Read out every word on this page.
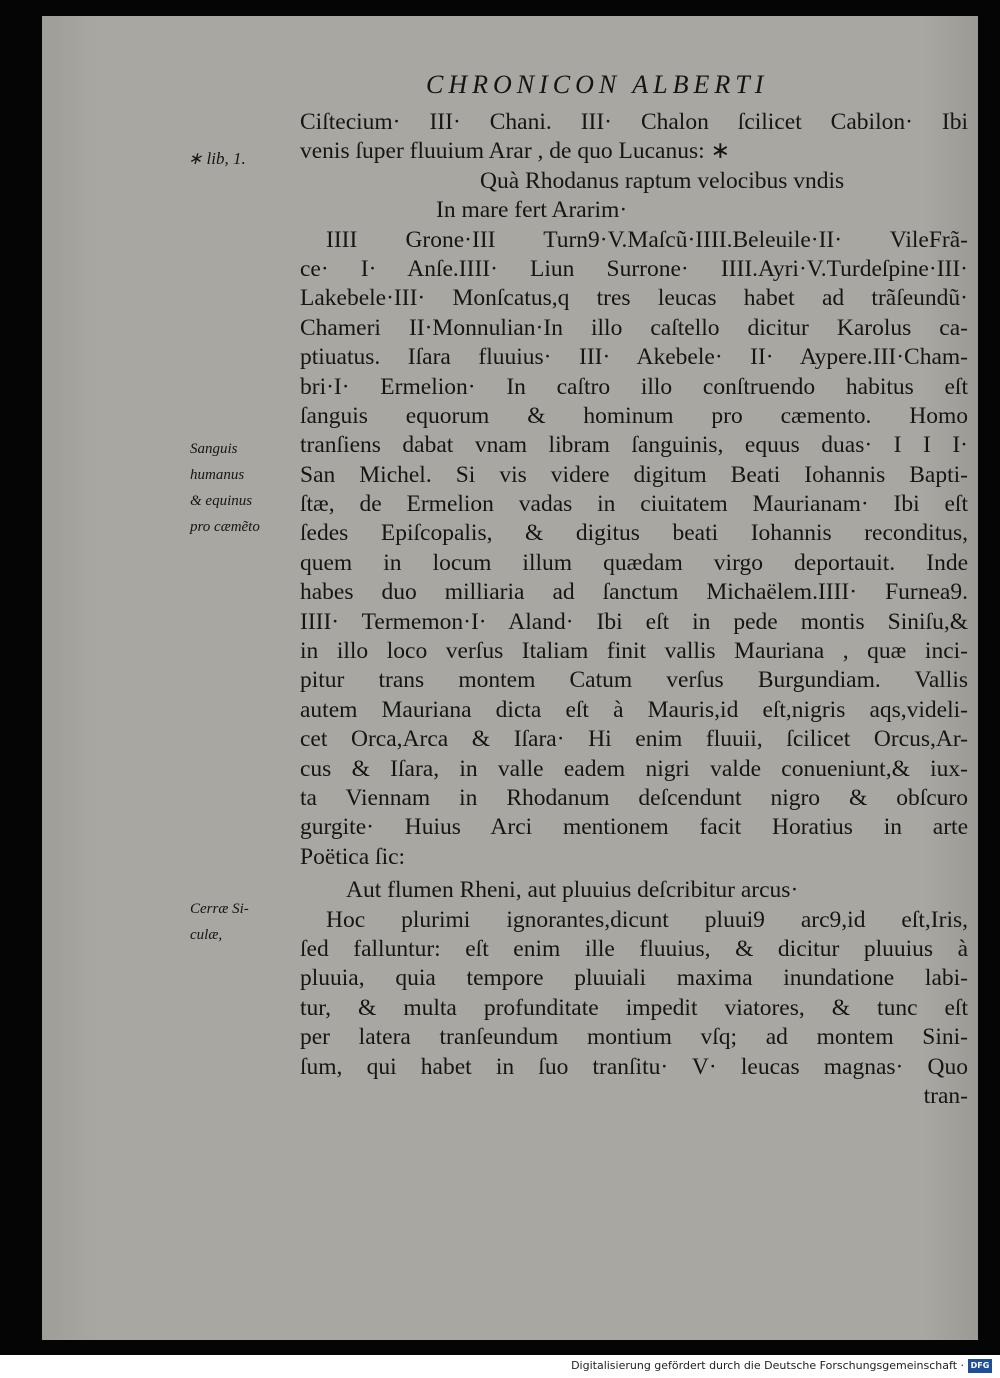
CHRONICON ALBERTI
∗ lib, 1.
Sanguis
humanus
& equinus
pro cæmẽto
Cerræ Si-
culæ,
Ciſtecium· III· Chani. III· Chalon ſcilicet Cabilon· Ibi
venis ſuper fluuium Arar , de quo Lucanus: ∗
Quà Rhodanus raptum velocibus vndis
In mare fert Ararim·
IIII Grone·III Turn9·V.Maſcũ·IIII.Beleuile·II· VileFrã-
ce· I· Anſe.IIII· Liun Surrone· IIII.Ayri·V.Turdeſpine·III·
Lakebele·III· Monſcatus,q tres leucas habet ad trãſeundũ·
Chameri II·Monnulian·In illo caſtello dicitur Karolus ca-
ptiuatus. Iſara fluuius· III· Akebele· II· Aypere.III·Cham-
bri·I· Ermelion· In caſtro illo conſtruendo habitus eſt
ſanguis equorum & hominum pro cæmento. Homo
tranſiens dabat vnam libram ſanguinis, equus duas· I I I·
San Michel. Si vis videre digitum Beati Iohannis Bapti-
ſtæ, de Ermelion vadas in ciuitatem Maurianam· Ibi eſt
ſedes Epiſcopalis, & digitus beati Iohannis reconditus,
quem in locum illum quædam virgo deportauit. Inde
habes duo milliaria ad ſanctum Michaëlem.IIII· Furnea9.
IIII· Termemon·I· Aland· Ibi eſt in pede montis Siniſu,&
in illo loco verſus Italiam finit vallis Mauriana , quæ inci-
pitur trans montem Catum verſus Burgundiam. Vallis
autem Mauriana dicta eſt à Mauris,id eſt,nigris aqs,videli-
cet Orca,Arca & Iſara· Hi enim fluuii, ſcilicet Orcus,Ar-
cus & Iſara, in valle eadem nigri valde conueniunt,& iux-
ta Viennam in Rhodanum deſcendunt nigro & obſcuro
gurgite· Huius Arci mentionem facit Horatius in arte
Poëtica ſic:
Aut flumen Rheni, aut pluuius deſcribitur arcus·
Hoc plurimi ignorantes,dicunt pluui9 arc9,id eſt,Iris,
ſed falluntur: eſt enim ille fluuius, & dicitur pluuius à
pluuia, quia tempore pluuiali maxima inundatione labi-
tur, & multa profunditate impedit viatores, & tunc eſt
per latera tranſeundum montium vſq; ad montem Sini-
ſum, qui habet in ſuo tranſitu· V· leucas magnas· Quo
tran-
Digitalisierung gefördert durch die Deutsche Forschungsgemeinschaft · DFG
